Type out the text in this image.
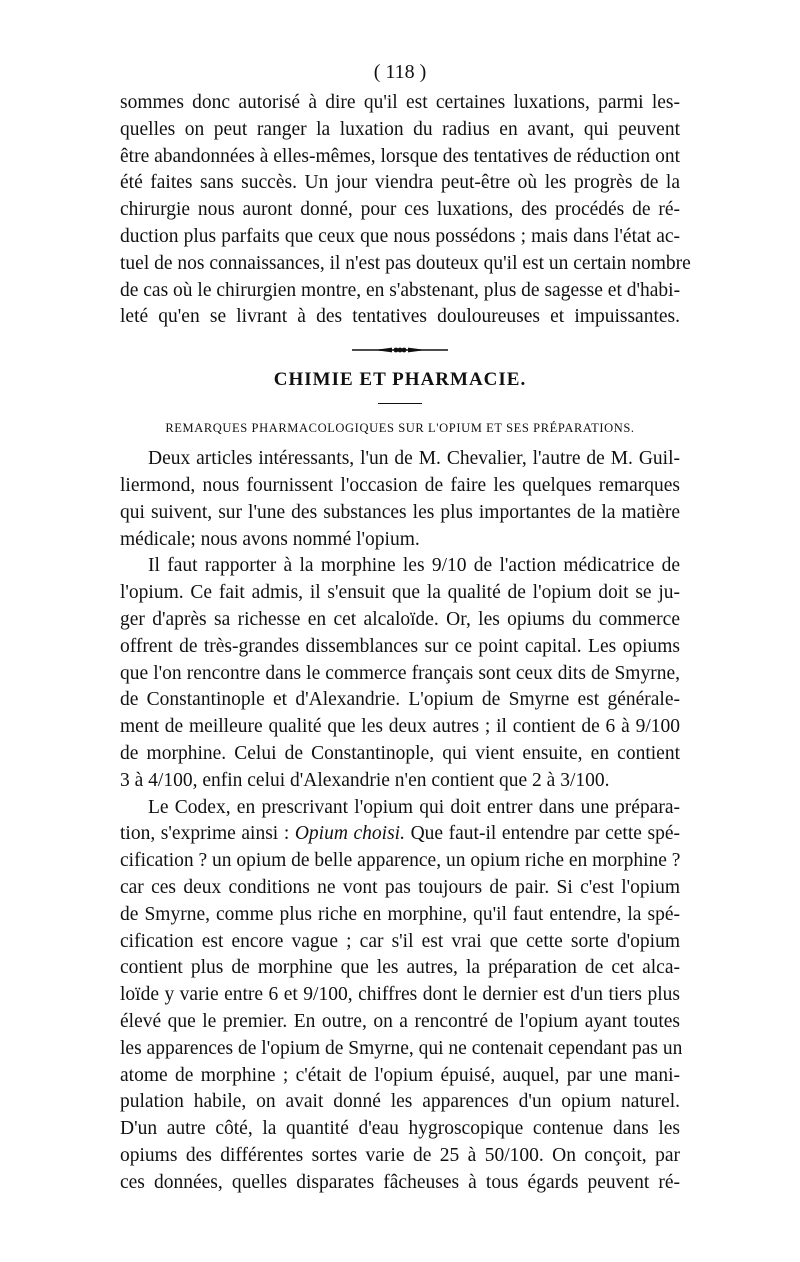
( 118 )
sommes donc autorisé à dire qu'il est certaines luxations, parmi les-
quelles on peut ranger la luxation du radius en avant, qui peuvent
être abandonnées à elles-mêmes, lorsque des tentatives de réduction ont
été faites sans succès. Un jour viendra peut-être où les progrès de la
chirurgie nous auront donné, pour ces luxations, des procédés de ré-
duction plus parfaits que ceux que nous possédons ; mais dans l'état ac-
tuel de nos connaissances, il n'est pas douteux qu'il est un certain nombre
de cas où le chirurgien montre, en s'abstenant, plus de sagesse et d'habi-
leté qu'en se livrant à des tentatives douloureuses et impuissantes.
CHIMIE ET PHARMACIE.
REMARQUES PHARMACOLOGIQUES SUR L'OPIUM ET SES PRÉPARATIONS.
Deux articles intéressants, l'un de M. Chevalier, l'autre de M. Guil-
liermond, nous fournissent l'occasion de faire les quelques remarques
qui suivent, sur l'une des substances les plus importantes de la matière
médicale; nous avons nommé l'opium.
Il faut rapporter à la morphine les 9/10 de l'action médicatrice de
l'opium. Ce fait admis, il s'ensuit que la qualité de l'opium doit se ju-
ger d'après sa richesse en cet alcaloïde. Or, les opiums du commerce
offrent de très-grandes dissemblances sur ce point capital. Les opiums
que l'on rencontre dans le commerce français sont ceux dits de Smyrne,
de Constantinople et d'Alexandrie. L'opium de Smyrne est générale-
ment de meilleure qualité que les deux autres ; il contient de 6 à 9/100
de morphine. Celui de Constantinople, qui vient ensuite, en contient
3 à 4/100, enfin celui d'Alexandrie n'en contient que 2 à 3/100.
Le Codex, en prescrivant l'opium qui doit entrer dans une prépara-
tion, s'exprime ainsi : Opium choisi. Que faut-il entendre par cette spé-
cification ? un opium de belle apparence, un opium riche en morphine ?
car ces deux conditions ne vont pas toujours de pair. Si c'est l'opium
de Smyrne, comme plus riche en morphine, qu'il faut entendre, la spé-
cification est encore vague ; car s'il est vrai que cette sorte d'opium
contient plus de morphine que les autres, la préparation de cet alca-
loïde y varie entre 6 et 9/100, chiffres dont le dernier est d'un tiers plus
élevé que le premier. En outre, on a rencontré de l'opium ayant toutes
les apparences de l'opium de Smyrne, qui ne contenait cependant pas un
atome de morphine ; c'était de l'opium épuisé, auquel, par une mani-
pulation habile, on avait donné les apparences d'un opium naturel.
D'un autre côté, la quantité d'eau hygroscopique contenue dans les
opiums des différentes sortes varie de 25 à 50/100. On conçoit, par
ces données, quelles disparates fâcheuses à tous égards peuvent ré-
